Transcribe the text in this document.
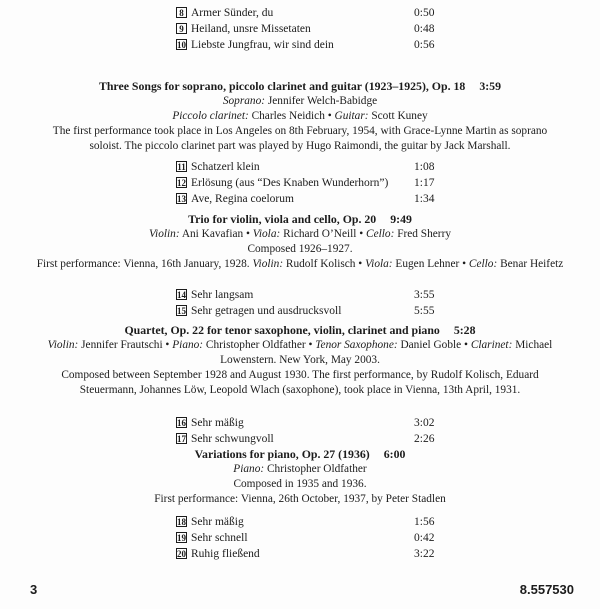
8 Armer Sünder, du	0:50
9 Heiland, unsre Missetaten	0:48
10 Liebste Jungfrau, wir sind dein	0:56
Three Songs for soprano, piccolo clarinet and guitar (1923–1925), Op. 18 3:59
Soprano: Jennifer Welch-Babidge
Piccolo clarinet: Charles Neidich • Guitar: Scott Kuney
The first performance took place in Los Angeles on 8th February, 1954, with Grace-Lynne Martin as soprano
soloist. The piccolo clarinet part was played by Hugo Raimondi, the guitar by Jack Marshall.
11 Schatzerl klein	1:08
12 Erlösung (aus “Des Knaben Wunderhorn”) 1:17
13 Ave, Regina coelorum	1:34
Trio for violin, viola and cello, Op. 20 9:49
Violin: Ani Kavafian • Viola: Richard O’Neill • Cello: Fred Sherry
Composed 1926–1927.
First performance: Vienna, 16th January, 1928. Violin: Rudolf Kolisch • Viola: Eugen Lehner • Cello: Benar Heifetz
14 Sehr langsam	3:55
15 Sehr getragen und ausdrucksvoll	5:55
Quartet, Op. 22 for tenor saxophone, violin, clarinet and piano 5:28
Violin: Jennifer Frautschi • Piano: Christopher Oldfather • Tenor Saxophone: Daniel Goble • Clarinet: Michael
Lowenstern. New York, May 2003.
Composed between September 1928 and August 1930. The first performance, by Rudolf Kolisch, Eduard
Steuermann, Johannes Löw, Leopold Wlach (saxophone), took place in Vienna, 13th April, 1931.
16 Sehr mäßig	3:02
17 Sehr schwungvoll	2:26
Variations for piano, Op. 27 (1936) 6:00
Piano: Christopher Oldfather
Composed in 1935 and 1936.
First performance: Vienna, 26th October, 1937, by Peter Stadlen
18 Sehr mäßig	1:56
19 Sehr schnell	0:42
20 Ruhig fließend	3:22
3	8.557530
